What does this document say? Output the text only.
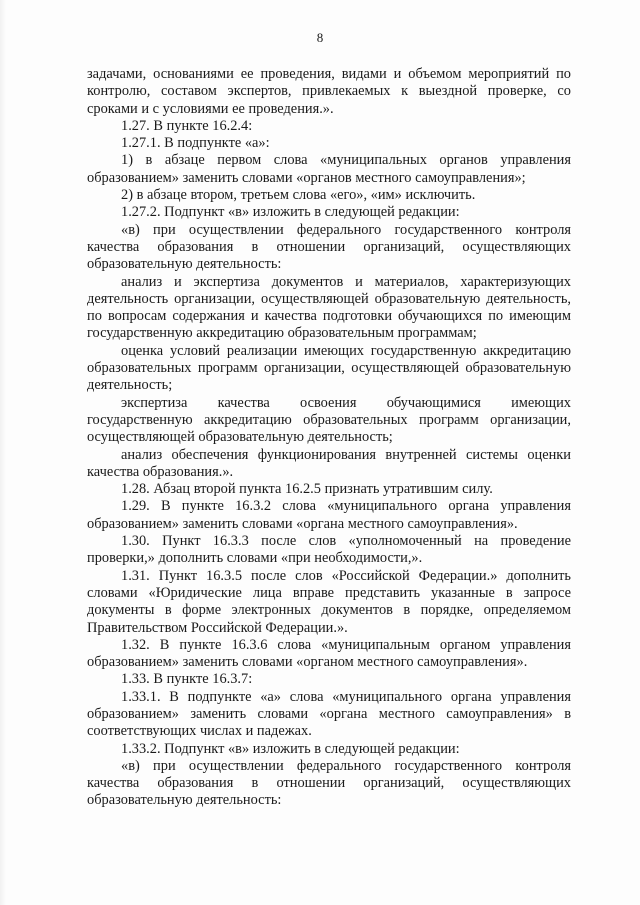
8

задачами, основаниями ее проведения, видами и объемом мероприятий по контролю, составом экспертов, привлекаемых к выездной проверке, со сроками и с условиями ее проведения.».

1.27. В пункте 16.2.4:

1.27.1. В подпункте «а»:

1) в абзаце первом слова «муниципальных органов управления образованием» заменить словами «органов местного самоуправления»;

2) в абзаце втором, третьем слова «его», «им» исключить.

1.27.2. Подпункт «в» изложить в следующей редакции:

«в) при осуществлении федерального государственного контроля качества образования в отношении организаций, осуществляющих образовательную деятельность:

анализ и экспертиза документов и материалов, характеризующих деятельность организации, осуществляющей образовательную деятельность, по вопросам содержания и качества подготовки обучающихся по имеющим государственную аккредитацию образовательным программам;

оценка условий реализации имеющих государственную аккредитацию образовательных программ организации, осуществляющей образовательную деятельность;

экспертиза качества освоения обучающимися имеющих государственную аккредитацию образовательных программ организации, осуществляющей образовательную деятельность;

анализ обеспечения функционирования внутренней системы оценки качества образования.».

1.28. Абзац второй пункта 16.2.5 признать утратившим силу.

1.29. В пункте 16.3.2 слова «муниципального органа управления образованием» заменить словами «органа местного самоуправления».

1.30. Пункт 16.3.3 после слов «уполномоченный на проведение проверки,» дополнить словами «при необходимости,».

1.31. Пункт 16.3.5 после слов «Российской Федерации.» дополнить словами «Юридические лица вправе представить указанные в запросе документы в форме электронных документов в порядке, определяемом Правительством Российской Федерации.».

1.32. В пункте 16.3.6 слова «муниципальным органом управления образованием» заменить словами «органом местного самоуправления».

1.33. В пункте 16.3.7:

1.33.1. В подпункте «а» слова «муниципального органа управления образованием» заменить словами «органа местного самоуправления» в соответствующих числах и падежах.

1.33.2. Подпункт «в» изложить в следующей редакции:

«в) при осуществлении федерального государственного контроля качества образования в отношении организаций, осуществляющих образовательную деятельность:
